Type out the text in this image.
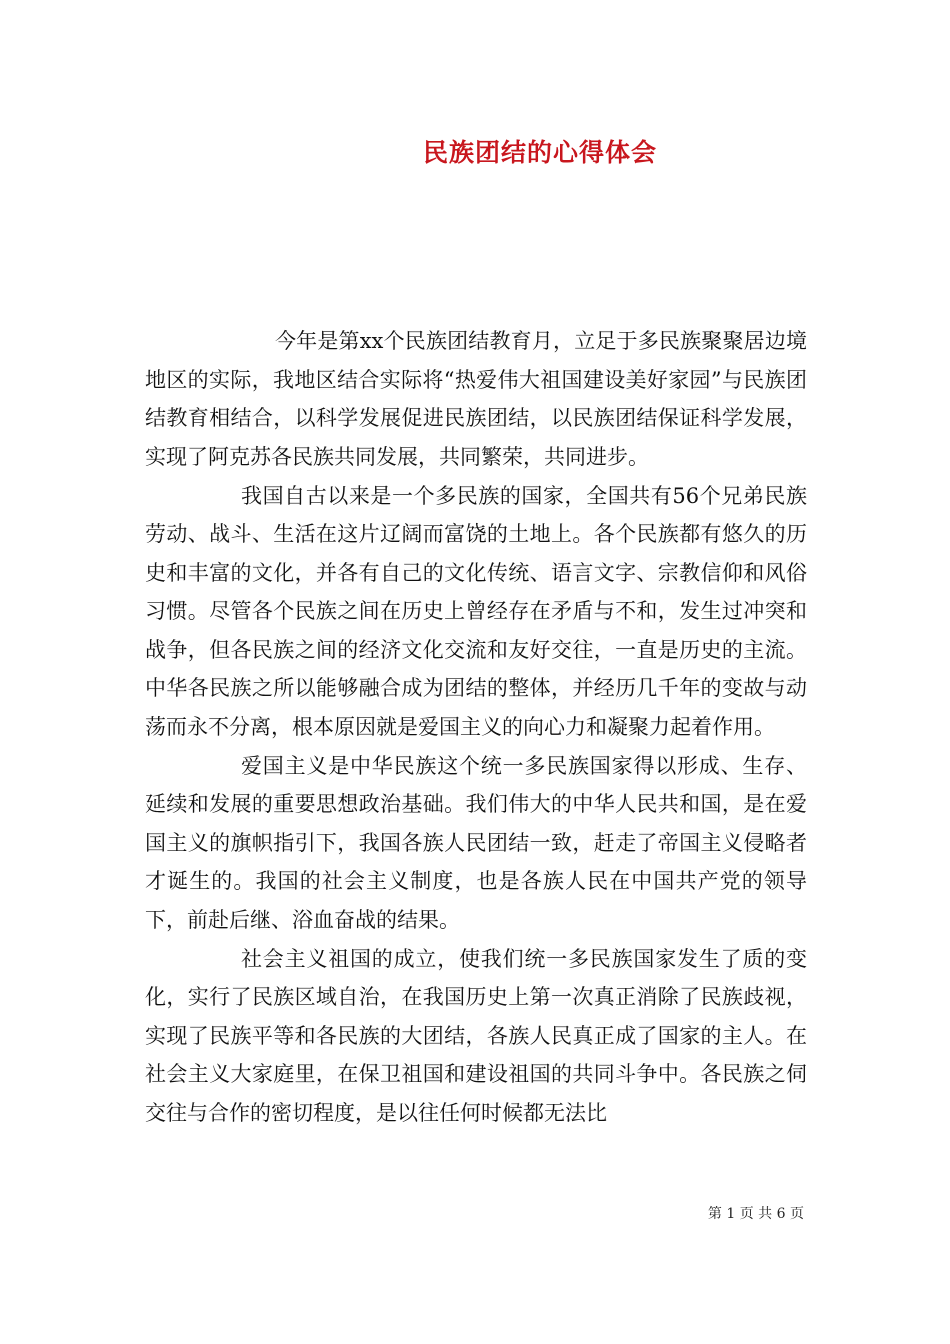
民族团结的心得体会

今年是第xx个民族团结教育月，立足于多民族聚聚居边境地区的实际，我地区结合实际将“热爱伟大祖国建设美好家园”与民族团结教育相结合，以科学发展促进民族团结，以民族团结保证科学发展，实现了阿克苏各民族共同发展，共同繁荣，共同进步。

我国自古以来是一个多民族的国家，全国共有56个兄弟民族劳动、战斗、生活在这片辽阔而富饶的土地上。各个民族都有悠久的历史和丰富的文化，并各有自己的文化传统、语言文字、宗教信仰和风俗习惯。尽管各个民族之间在历史上曾经存在矛盾与不和，发生过冲突和战争，但各民族之间的经济文化交流和友好交往，一直是历史的主流。中华各民族之所以能够融合成为团结的整体，并经历几千年的变故与动荡而永不分离，根本原因就是爱国主义的向心力和凝聚力起着作用。

爱国主义是中华民族这个统一多民族国家得以形成、生存、延续和发展的重要思想政治基础。我们伟大的中华人民共和国，是在爱国主义的旗帜指引下，我国各族人民团结一致，赶走了帝国主义侵略者才诞生的。我国的社会主义制度，也是各族人民在中国共产党的领导下，前赴后继、浴血奋战的结果。

社会主义祖国的成立，使我们统一多民族国家发生了质的变化，实行了民族区域自治，在我国历史上第一次真正消除了民族歧视，实现了民族平等和各民族的大团结，各族人民真正成了国家的主人。在社会主义大家庭里，在保卫祖国和建设祖国的共同斗争中。各民族之伺交往与合作的密切程度，是以往任何时候都无法比

第 1 页 共 6 页
